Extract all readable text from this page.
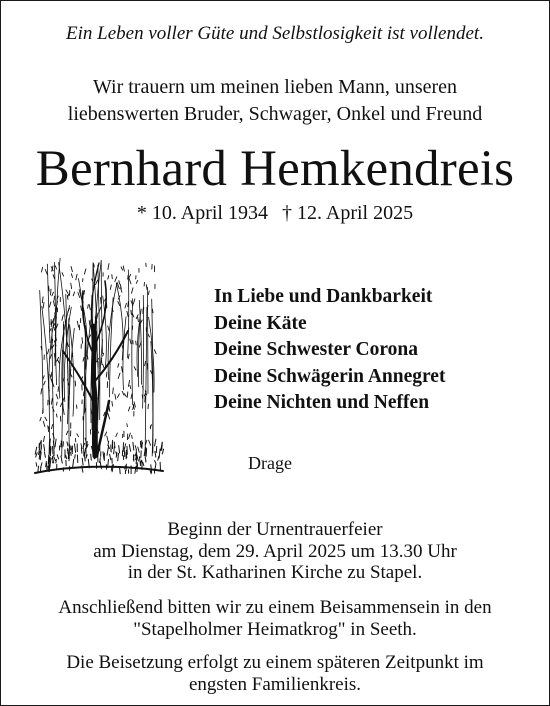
Ein Leben voller Güte und Selbstlosigkeit ist vollendet.
Wir trauern um meinen lieben Mann, unseren
liebenswerten Bruder, Schwager, Onkel und Freund
Bernhard Hemkendreis
* 10. April 1934 † 12. April 2025
In Liebe und Dankbarkeit
Deine Käte
Deine Schwester Corona
Deine Schwägerin Annegret
Deine Nichten und Neffen
Drage
Beginn der Urnentrauerfeier
am Dienstag, dem 29. April 2025 um 13.30 Uhr
in der St. Katharinen Kirche zu Stapel.
Anschließend bitten wir zu einem Beisammensein in den
"Stapelholmer Heimatkrog" in Seeth.
Die Beisetzung erfolgt zu einem späteren Zeitpunkt im
engsten Familienkreis.
